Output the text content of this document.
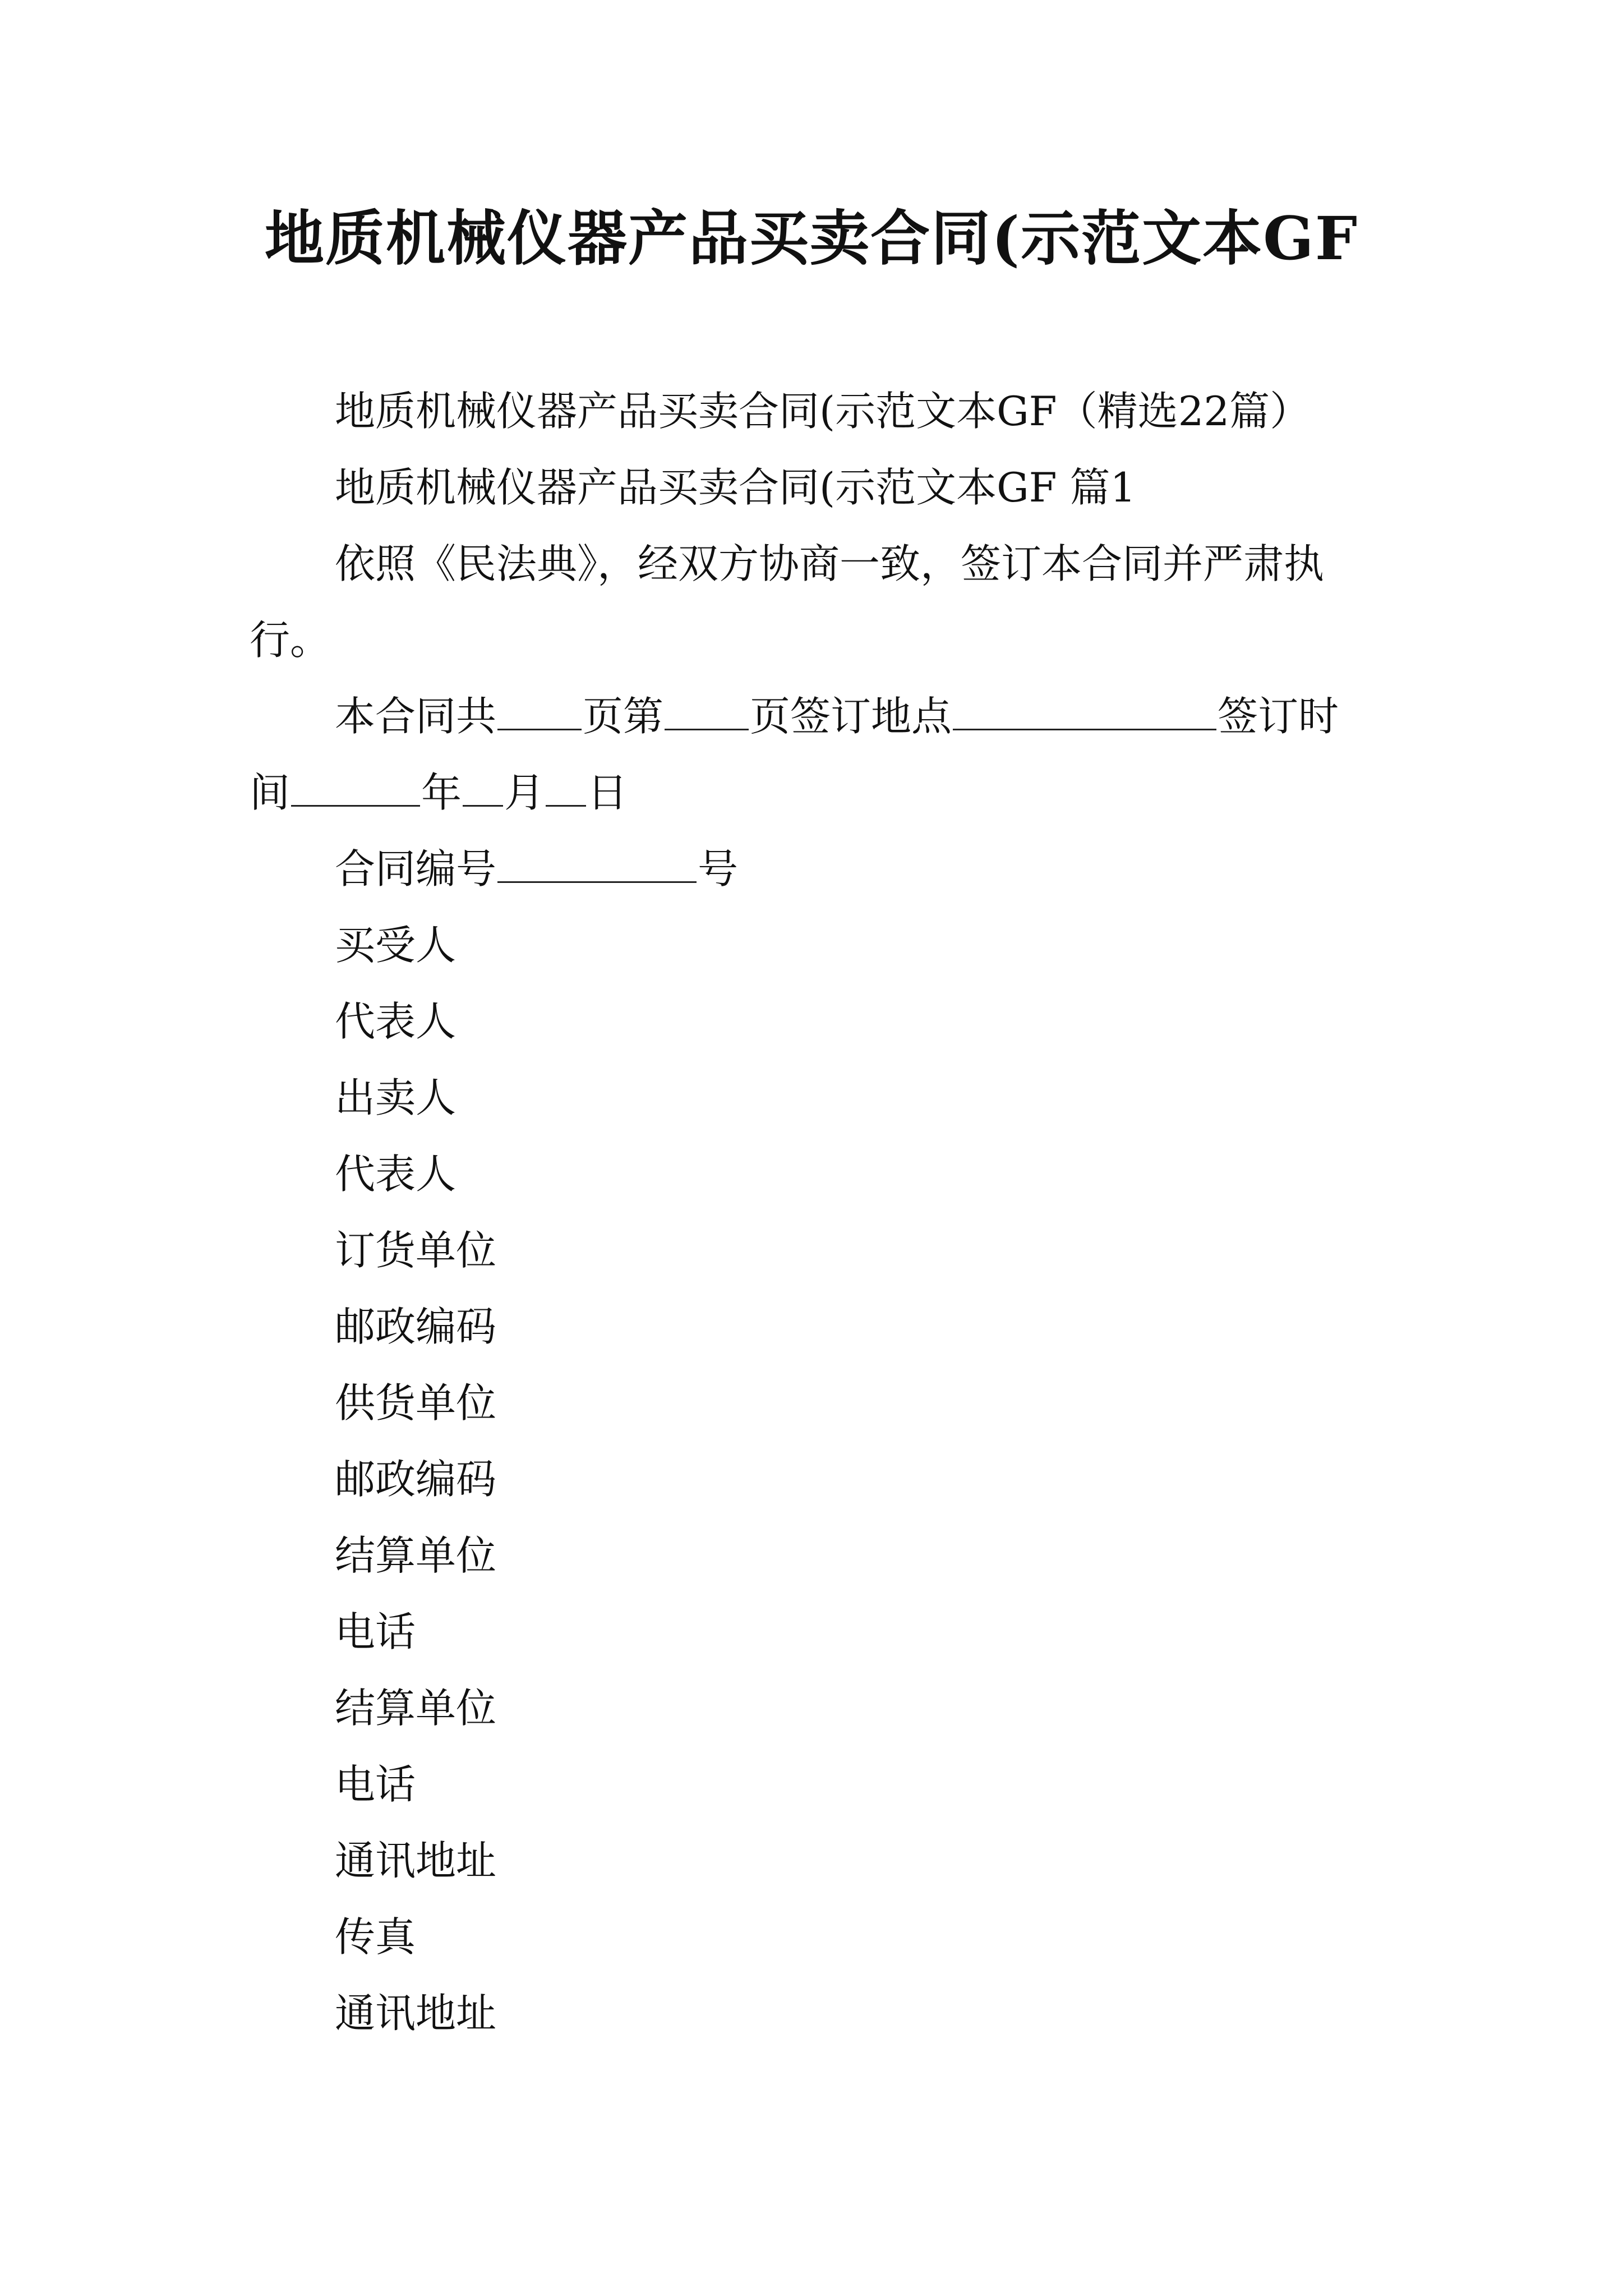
地质机械仪器产品买卖合同(示范文本GF

地质机械仪器产品买卖合同(示范文本GF（精选22篇）

地质机械仪器产品买卖合同(示范文本GF 篇1

依照《民法典》，经双方协商一致，签订本合同并严肃执行。

本合同共 页第 页签订地点	签订时间	年 月 日

合同编号	号

买受人

代表人

出卖人

代表人

订货单位

邮政编码

供货单位

邮政编码

结算单位

电话

结算单位

电话

通讯地址

传真

通讯地址
